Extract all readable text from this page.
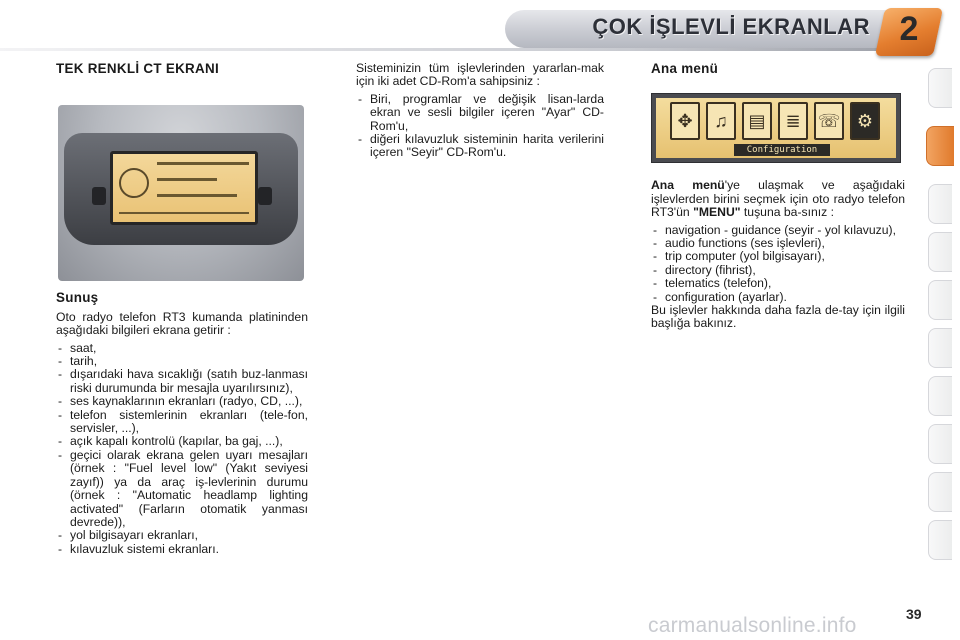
ÇOK İŞLEVLİ EKRANLAR 2
TEK RENKLİ CT EKRANI
Sunuş

Oto radyo telefon RT3 kumanda platininden aşağıdaki bilgileri ekrana getirir :

- saat,
- tarih,
- dışarıdaki hava sıcaklığı (satıh buz-lanması riski durumunda bir mesajla uyarılırsınız),
- ses kaynaklarının ekranları (radyo, CD, ...),
- telefon sistemlerinin ekranları (tele-fon, servisler, ...),
- açık kapalı kontrolü (kapılar, ba gaj, ...),
- geçici olarak ekrana gelen uyarı mesajları (örnek : "Fuel level low" (Yakıt seviyesi zayıf)) ya da araç iş-levlerinin durumu (örnek : "Automatic headlamp lighting activated" (Farların otomatik yanması devrede)),
- yol bilgisayarı ekranları,
- kılavuzluk sistemi ekranları.

Sisteminizin tüm işlevlerinden yararlan-mak için iki adet CD-Rom'a sahipsiniz :

- Biri, programlar ve değişik lisan-larda ekran ve sesli bilgiler içeren "Ayar" CD-Rom'u,
- diğeri kılavuzluk sisteminin harita verilerini içeren "Seyir" CD-Rom'u.
Ana menü
✥	♫	▤	≣ ☏ ⚙
Configuration

Ana menü'ye ulaşmak ve aşağıdaki işlevlerden birini seçmek için oto radyo telefon RT3'ün "MENU" tuşuna ba-sınız :

- navigation - guidance (seyir - yol kılavuzu),
- audio functions (ses işlevleri),
- trip computer (yol bilgisayarı),
- directory (fihrist),
- telematics (telefon),
- configuration (ayarlar).

Bu işlevler hakkında daha fazla de-tay için ilgili başlığa bakınız.

39
carmanualsonline.info
